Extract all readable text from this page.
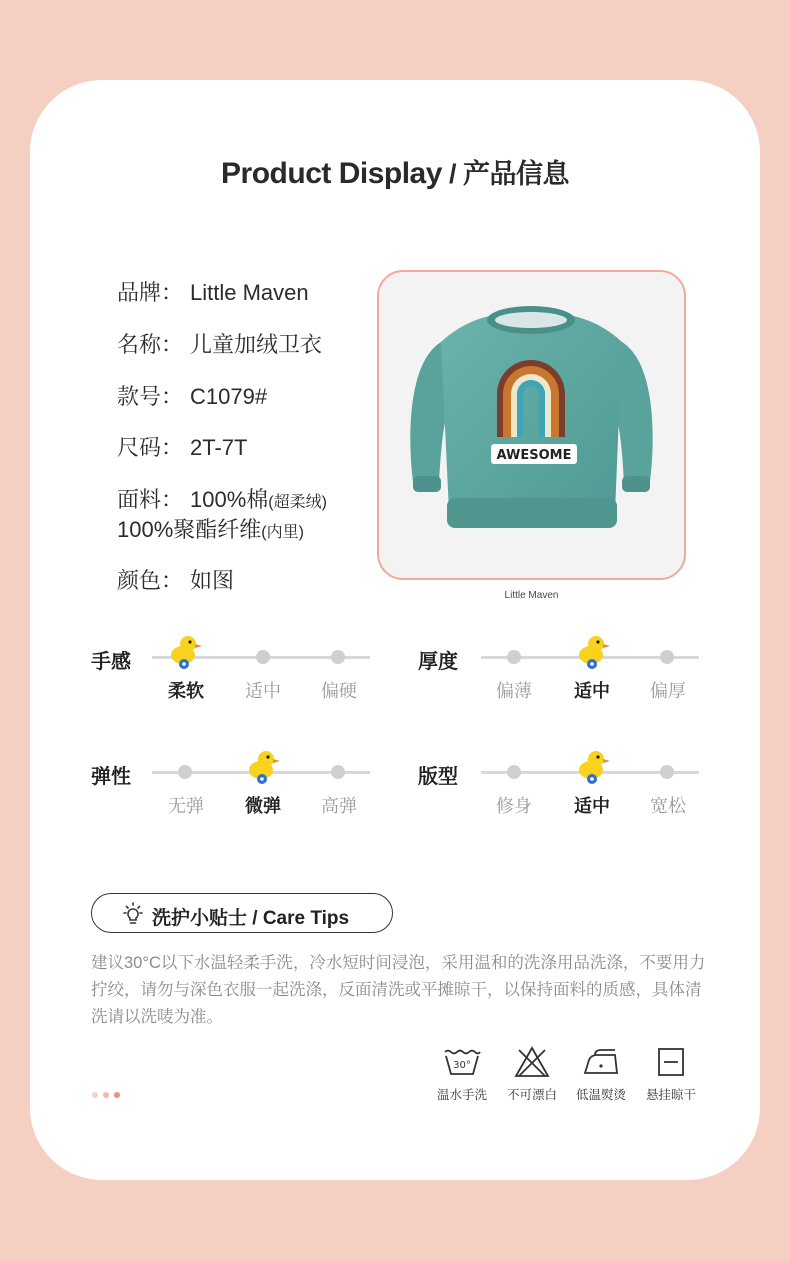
Product Display / 产品信息
品牌： Little Maven
名称： 儿童加绒卫衣
款号： C1079#
尺码： 2T-7T
面料： 100%棉(超柔绒)
100%聚酯纤维(内里)
颜色： 如图
AWESOME
Little Maven
手感
柔软	适中	偏硬
厚度
偏薄	适中	偏厚
弹性
无弹	微弹	高弹
版型
修身	适中	宽松
洗护小贴士 / Care Tips
建议30°C以下水温轻柔手洗，冷水短时间浸泡，采用温和的洗涤用品洗涤，不要用力拧绞，请勿与深色衣服一起洗涤，反面清洗或平摊晾干，以保持面料的质感，具体清洗请以洗唛为准。
30°
温水手洗	不可漂白	低温熨烫	悬挂晾干
